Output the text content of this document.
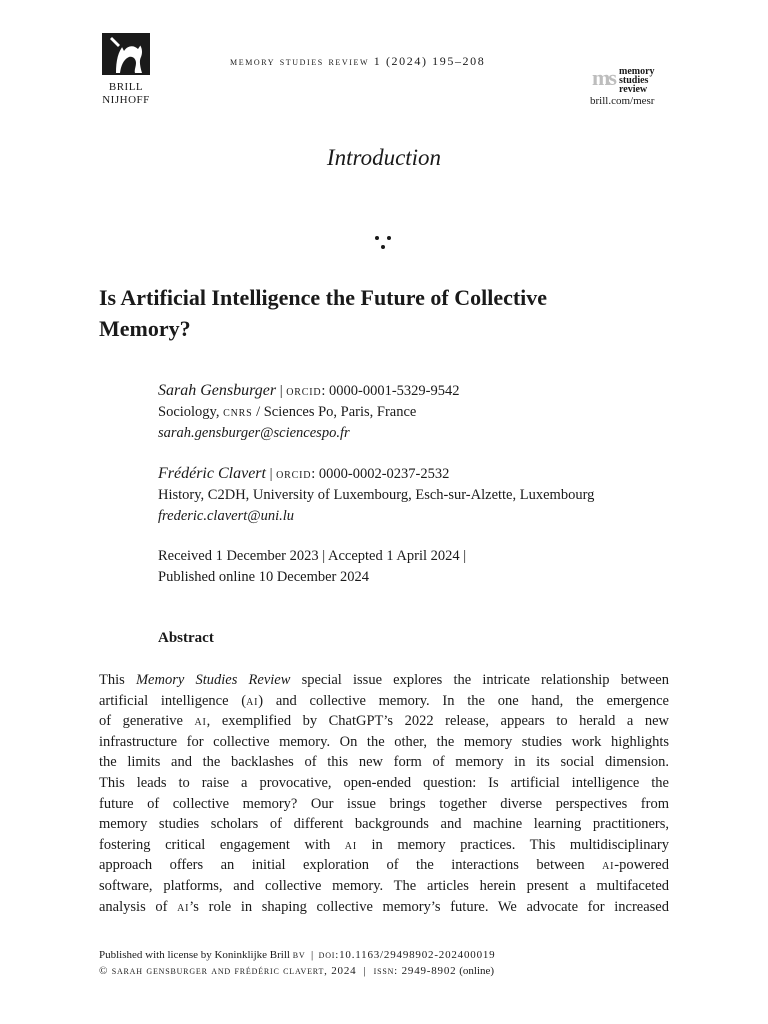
BRILL
NIJHOFF
memory studies review 1 (2024) 195–208
ms memory
studies
review
brill.com/mesr
Introduction
Is Artificial Intelligence the Future of Collective
Memory?
Sarah Gensburger | orcid: 0000-0001-5329-9542
Sociology, cnrs / Sciences Po, Paris, France
sarah.gensburger@sciencespo.fr
Frédéric Clavert | orcid: 0000-0002-0237-2532
History, C2DH, University of Luxembourg, Esch-sur-Alzette, Luxembourg
frederic.clavert@uni.lu
Received 1 December 2023 | Accepted 1 April 2024 |
Published online 10 December 2024
Abstract
This Memory Studies Review special issue explores the intricate relationship between
artificial intelligence (ai) and collective memory. In the one hand, the emergence
of generative ai, exemplified by ChatGPT’s 2022 release, appears to herald a new
infrastructure for collective memory. On the other, the memory studies work highlights
the limits and the backlashes of this new form of memory in its social dimension.
This leads to raise a provocative, open-ended question: Is artificial intelligence the
future of collective memory? Our issue brings together diverse perspectives from
memory studies scholars of different backgrounds and machine learning practitioners,
fostering critical engagement with ai in memory practices. This multidisciplinary
approach offers an initial exploration of the interactions between ai-powered
software, platforms, and collective memory. The articles herein present a multifaceted
analysis of ai’s role in shaping collective memory’s future. We advocate for increased
Published with license by Koninklijke Brill bv  |  doi:10.1163/29498902-202400019
© sarah gensburger and frédéric clavert, 2024  |  issn: 2949-8902 (online)
